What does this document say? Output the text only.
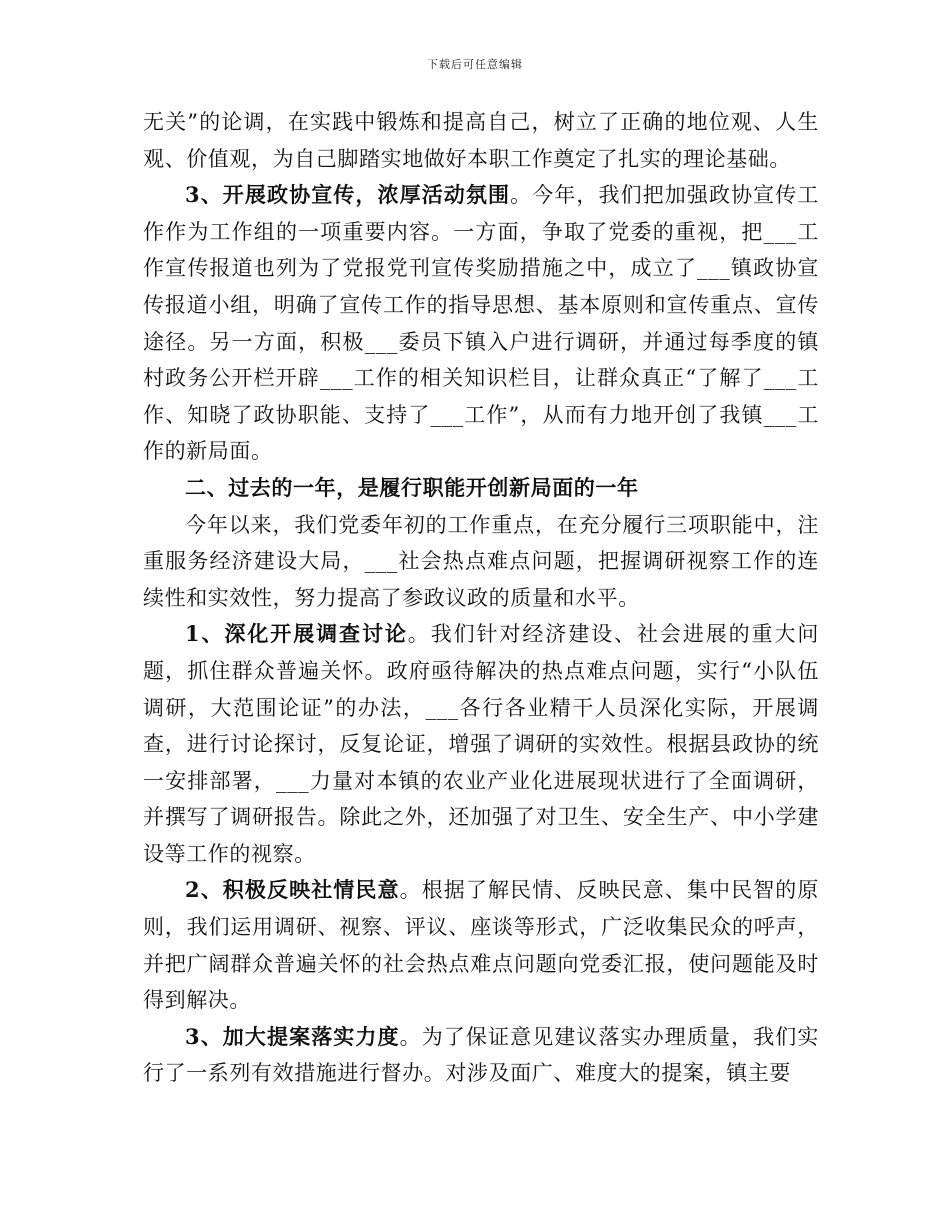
下载后可任意编辑

无关”的论调，在实践中锻炼和提高自己，树立了正确的地位观、人生观、价值观，为自己脚踏实地做好本职工作奠定了扎实的理论基础。

3、开展政协宣传，浓厚活动氛围。今年，我们把加强政协宣传工作作为工作组的一项重要内容。一方面，争取了党委的重视，把___工作宣传报道也列为了党报党刊宣传奖励措施之中，成立了___镇政协宣传报道小组，明确了宣传工作的指导思想、基本原则和宣传重点、宣传途径。另一方面，积极___委员下镇入户进行调研，并通过每季度的镇村政务公开栏开辟___工作的相关知识栏目，让群众真正“了解了___工作、知晓了政协职能、支持了___工作”，从而有力地开创了我镇___工作的新局面。

二、过去的一年，是履行职能开创新局面的一年

今年以来，我们党委年初的工作重点，在充分履行三项职能中，注重服务经济建设大局，___社会热点难点问题，把握调研视察工作的连续性和实效性，努力提高了参政议政的质量和水平。

1、深化开展调查讨论。我们针对经济建设、社会进展的重大问题，抓住群众普遍关怀。政府亟待解决的热点难点问题，实行“小队伍调研，大范围论证”的办法，___各行各业精干人员深化实际，开展调查，进行讨论探讨，反复论证，增强了调研的实效性。根据县政协的统一安排部署，___力量对本镇的农业产业化进展现状进行了全面调研，并撰写了调研报告。除此之外，还加强了对卫生、安全生产、中小学建设等工作的视察。

2、积极反映社情民意。根据了解民情、反映民意、集中民智的原则，我们运用调研、视察、评议、座谈等形式，广泛收集民众的呼声，并把广阔群众普遍关怀的社会热点难点问题向党委汇报，使问题能及时得到解决。

3、加大提案落实力度。为了保证意见建议落实办理质量，我们实行了一系列有效措施进行督办。对涉及面广、难度大的提案，镇主要
